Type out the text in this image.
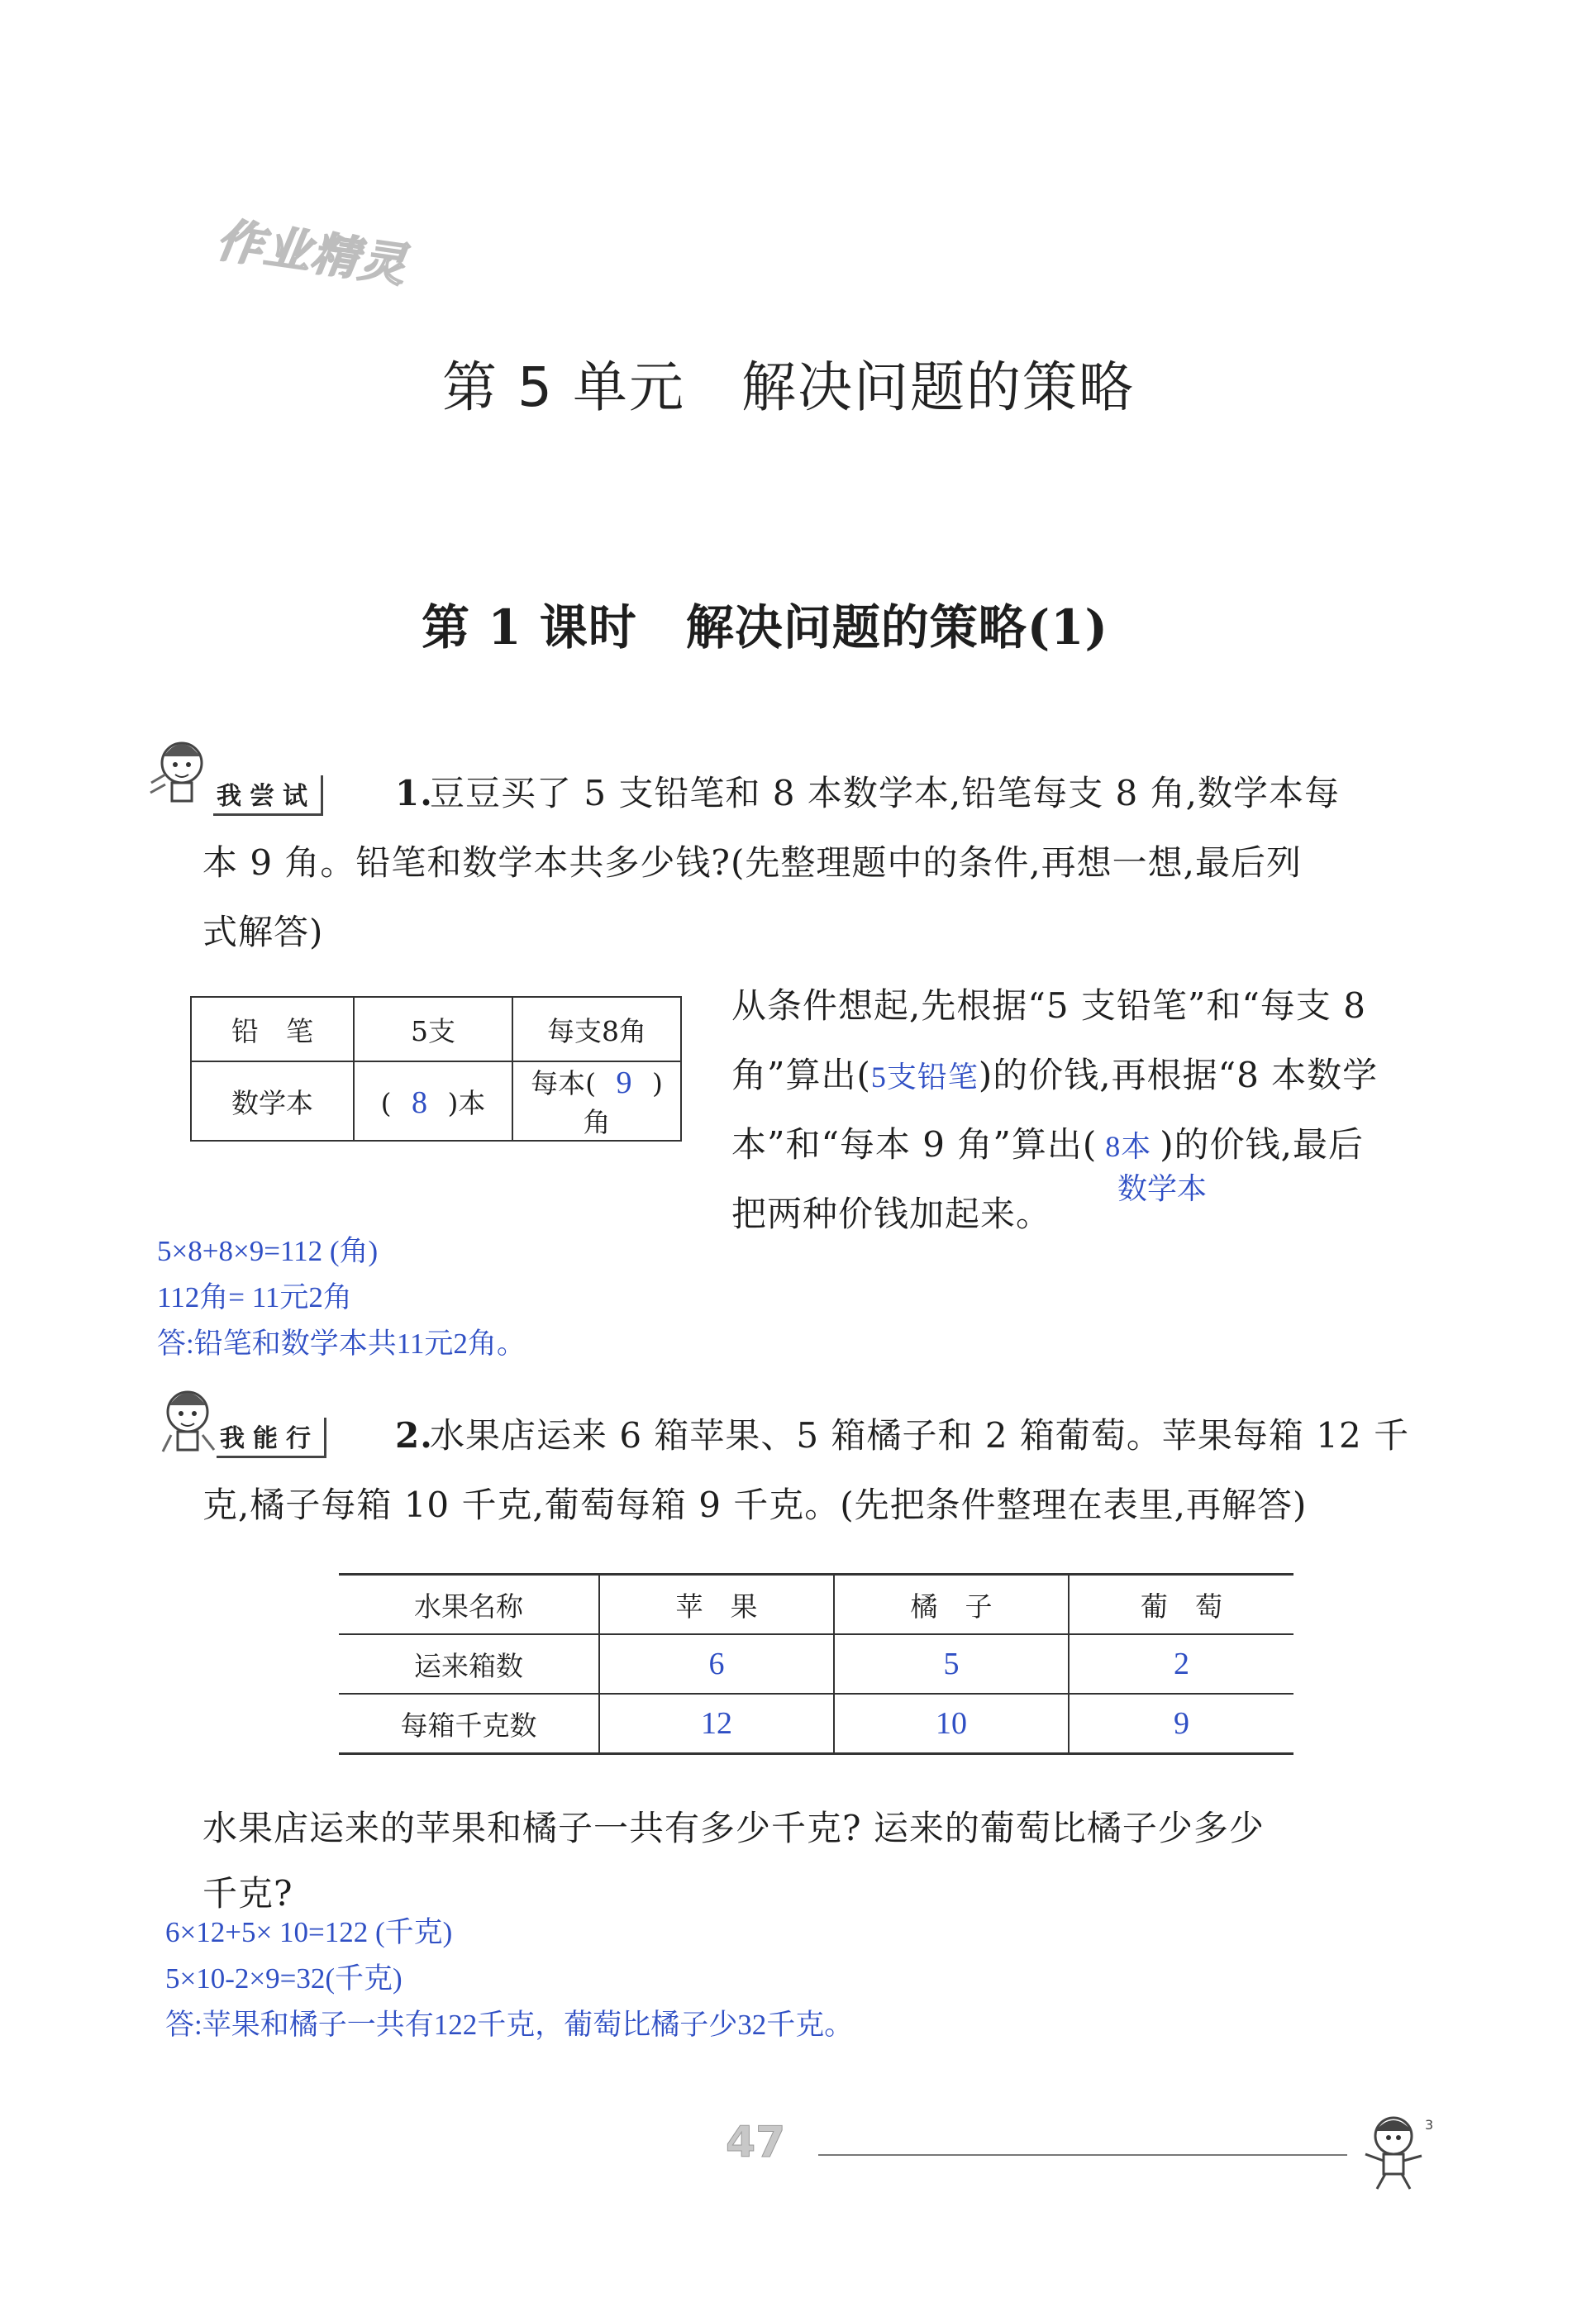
作业精灵
第 5 单元　解决问题的策略
第 1 课时　解决问题的策略(1)
我尝试 1.
豆豆买了 5 支铅笔和 8 本数学本,铅笔每支 8 角,数学本每
本 9 角。铅笔和数学本共多少钱?(先整理题中的条件,再想一想,最后列
式解答)
铅　笔	5支	每支8角
数学本	( 8 )本	每本( 9 )角
从条件想起,先根据“5 支铅笔”和“每支 8
角”算出(5支铅笔)的价钱,再根据“8 本数学
本”和“每本 9 角”算出( 8本 )的价钱,最后
数学本
把两种价钱加起来。
5×8+8×9=112 (角)
112角= 11元2角
答:铅笔和数学本共11元2角。
我能行 2.
水果店运来 6 箱苹果、5 箱橘子和 2 箱葡萄。苹果每箱 12 千
克,橘子每箱 10 千克,葡萄每箱 9 千克。(先把条件整理在表里,再解答)
水果名称	苹　果	橘　子	葡　萄
运来箱数	6	5	2
每箱千克数	12	10	9
水果店运来的苹果和橘子一共有多少千克? 运来的葡萄比橘子少多少
千克?
6×12+5× 10=122 (千克)
5×10-2×9=32(千克)
答:苹果和橘子一共有122千克，葡萄比橘子少32千克。
47	3
